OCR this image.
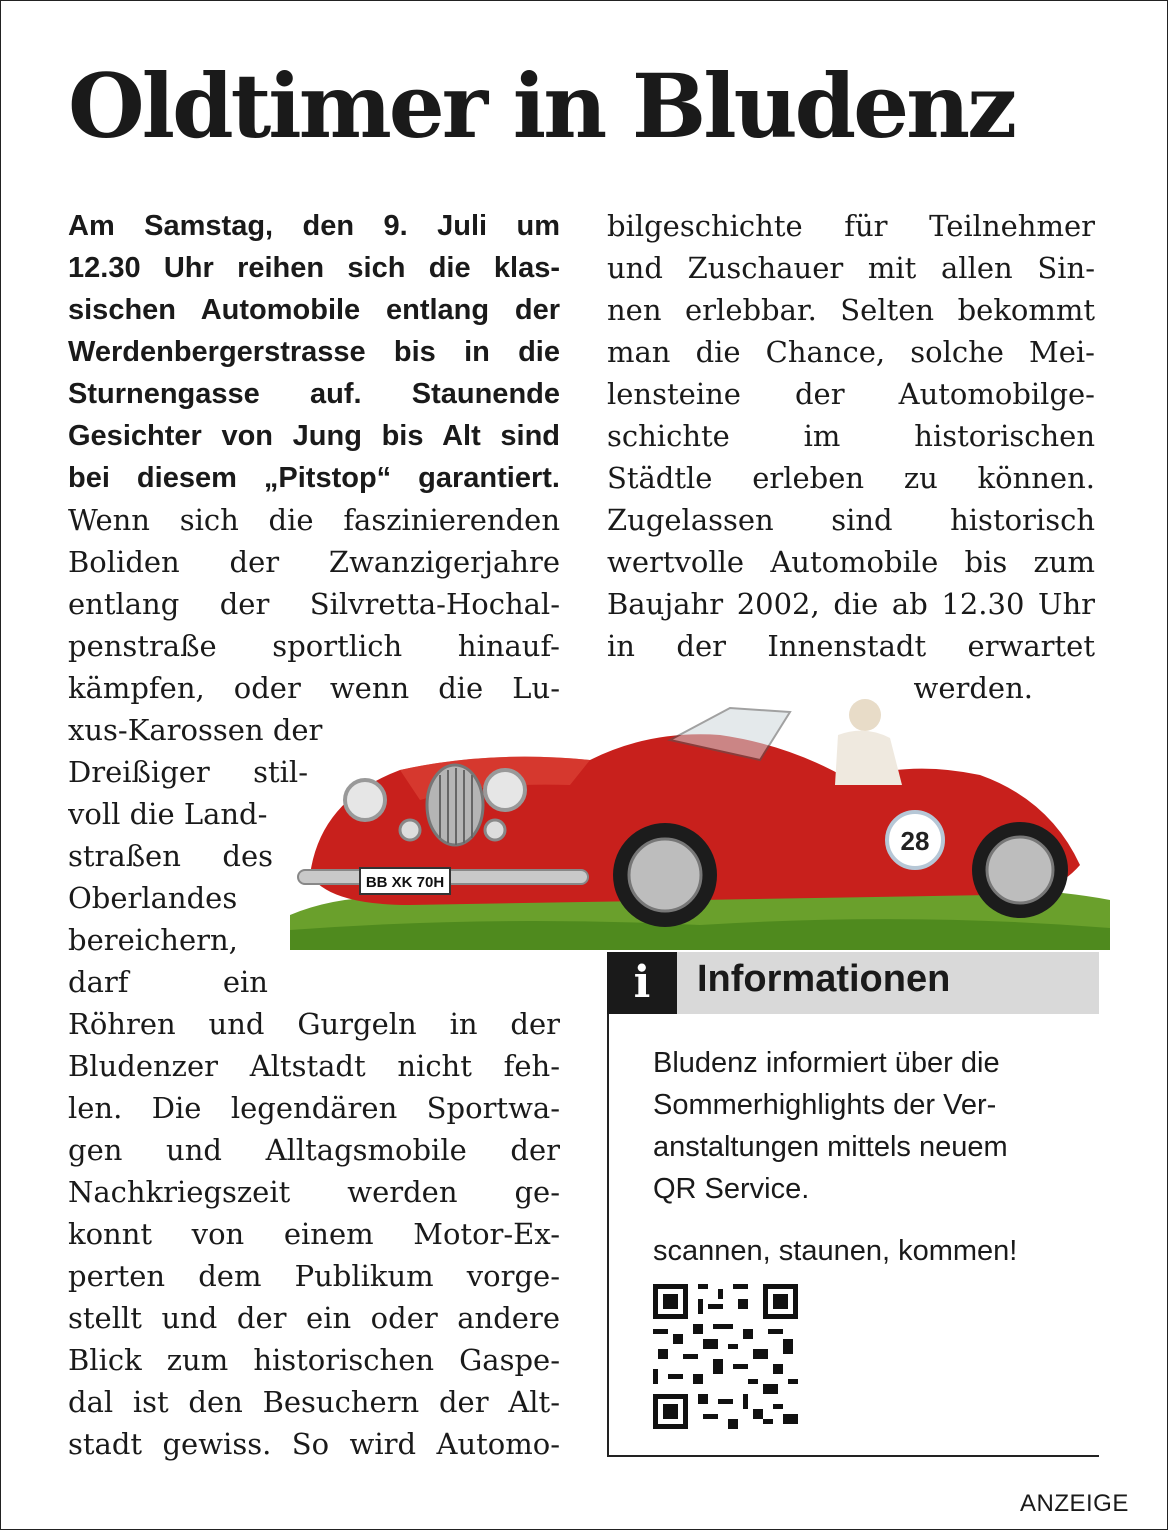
Oldtimer in Bludenz
Am Samstag, den 9. Juli um
12.30 Uhr reihen sich die klas-
sischen Automobile entlang der
Werdenbergerstrasse bis in die
Sturnengasse auf. Staunende
Gesichter von Jung bis Alt sind
bei diesem „Pitstop“ garantiert.
Wenn sich die faszinierenden
Boliden der Zwanzigerjahre
entlang der Silvretta-Hochal-
penstraße sportlich hinauf-
kämpfen, oder wenn die Lu-
xus-Karossen der
Dreißiger stil-
voll die Land-
straßen des
Oberlandes
bereichern,
darf ein
Röhren und Gurgeln in der
Bludenzer Altstadt nicht feh-
len. Die legendären Sportwa-
gen und Alltagsmobile der
Nachkriegszeit werden ge-
konnt von einem Motor-Ex-
perten dem Publikum vorge-
stellt und der ein oder andere
Blick zum historischen Gaspe-
dal ist den Besuchern der Alt-
stadt gewiss. So wird Automo-
bilgeschichte für Teilnehmer
und Zuschauer mit allen Sin-
nen erlebbar. Selten bekommt
man die Chance, solche Mei-
lensteine der Automobilge-
schichte im historischen
Städtle erleben zu können.
Zugelassen sind historisch
wertvolle Automobile bis zum
Baujahr 2002, die ab 12.30 Uhr
in der Innenstadt erwartet
werden.
BB XK 70H
28
i	Informationen

Bludenz informiert über die

Sommerhighlights der Ver-

anstaltungen mittels neuem

QR Service.

scannen, staunen, kommen!

ANZEIGE
